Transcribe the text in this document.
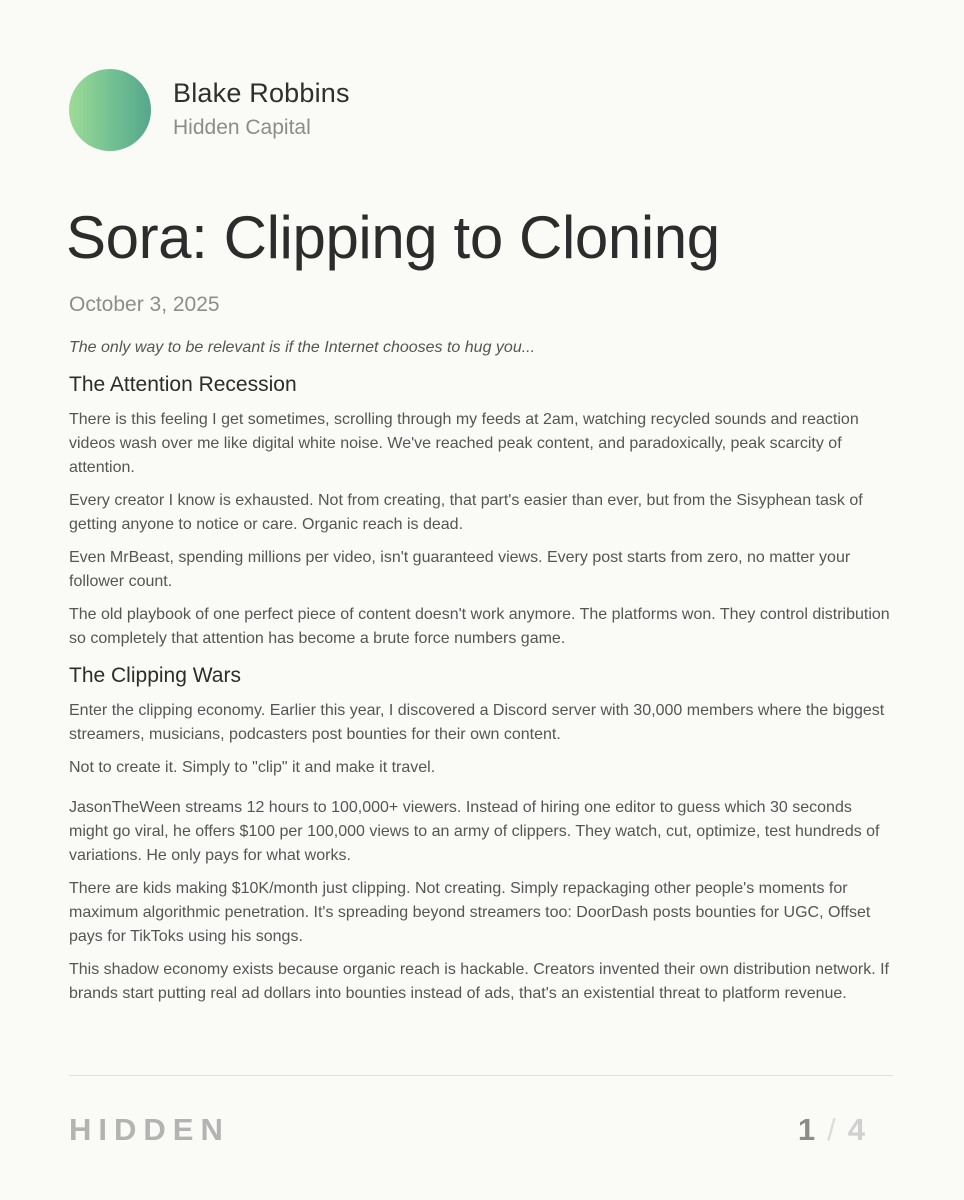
Blake Robbins
Hidden Capital
Sora: Clipping to Cloning
October 3, 2025

The only way to be relevant is if the Internet chooses to hug you...

The Attention Recession

There is this feeling I get sometimes, scrolling through my feeds at 2am, watching recycled sounds and reaction videos wash over me like digital white noise. We've reached peak content, and paradoxically, peak scarcity of attention.

Every creator I know is exhausted. Not from creating, that part's easier than ever, but from the Sisyphean task of getting anyone to notice or care. Organic reach is dead.

Even MrBeast, spending millions per video, isn't guaranteed views. Every post starts from zero, no matter your follower count.

The old playbook of one perfect piece of content doesn't work anymore. The platforms won. They control distribution so completely that attention has become a brute force numbers game.

The Clipping Wars

Enter the clipping economy. Earlier this year, I discovered a Discord server with 30,000 members where the biggest streamers, musicians, podcasters post bounties for their own content.

Not to create it. Simply to "clip" it and make it travel.

JasonTheWeen streams 12 hours to 100,000+ viewers. Instead of hiring one editor to guess which 30 seconds might go viral, he offers $100 per 100,000 views to an army of clippers. They watch, cut, optimize, test hundreds of variations. He only pays for what works.

There are kids making $10K/month just clipping. Not creating. Simply repackaging other people's moments for maximum algorithmic penetration. It's spreading beyond streamers too: DoorDash posts bounties for UGC, Offset pays for TikToks using his songs.

This shadow economy exists because organic reach is hackable. Creators invented their own distribution network. If brands start putting real ad dollars into bounties instead of ads, that's an existential threat to platform revenue.

HIDDEN	1 / 4
